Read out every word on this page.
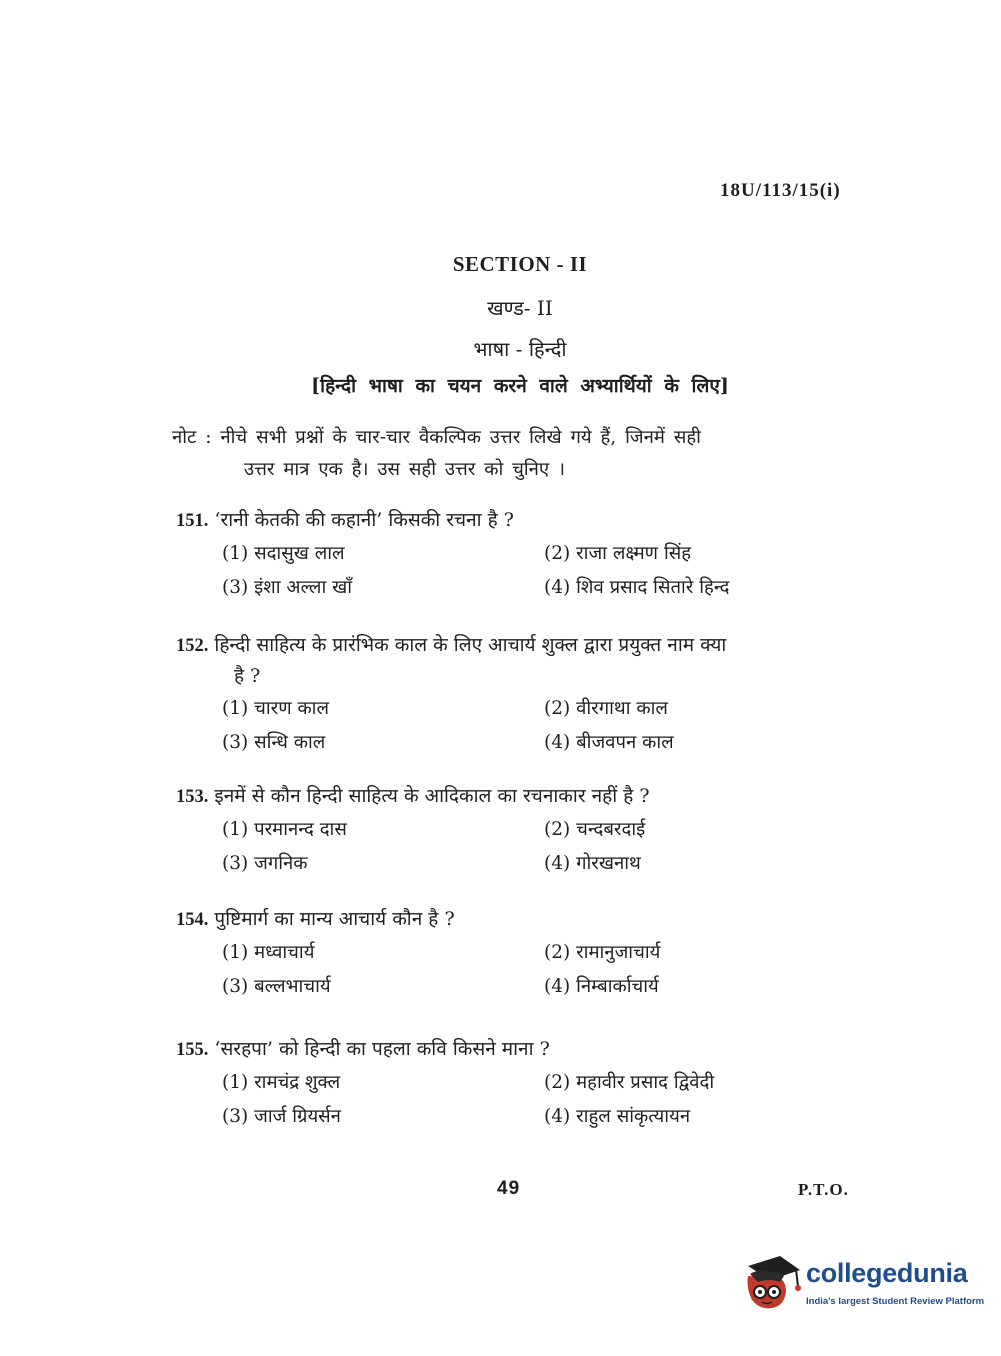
18U/113/15(i)
SECTION - II
खण्ड- II
भाषा - हिन्दी
[हिन्दी भाषा का चयन करने वाले अभ्यार्थियों के लिए]
नोट : नीचे सभी प्रश्नों के चार-चार वैकल्पिक उत्तर लिखे गये हैं, जिनमें सही
उत्तर मात्र एक है। उस सही उत्तर को चुनिए ।
151. ‘रानी केतकी की कहानी’ किसकी रचना है ?
(1) सदासुख लाल	(2) राजा लक्ष्मण सिंह
(3) इंशा अल्ला खाँ	(4) शिव प्रसाद सितारे हिन्द
152. हिन्दी साहित्य के प्रारंभिक काल के लिए आचार्य शुक्ल द्वारा प्रयुक्त नाम क्या
है ?
(1) चारण काल	(2) वीरगाथा काल
(3) सन्धि काल	(4) बीजवपन काल
153. इनमें से कौन हिन्दी साहित्य के आदिकाल का रचनाकार नहीं है ?
(1) परमानन्द दास	(2) चन्दबरदाई
(3) जगनिक	(4) गोरखनाथ
154. पुष्टिमार्ग का मान्य आचार्य कौन है ?
(1) मध्वाचार्य	(2) रामानुजाचार्य
(3) बल्लभाचार्य	(4) निम्बार्काचार्य
155. ‘सरहपा’ को हिन्दी का पहला कवि किसने माना ?
(1) रामचंद्र शुक्ल	(2) महावीर प्रसाद द्विवेदी
(3) जार्ज ग्रियर्सन	(4) राहुल सांकृत्यायन
49	P.T.O.
collegedunia
India's largest Student Review Platform
